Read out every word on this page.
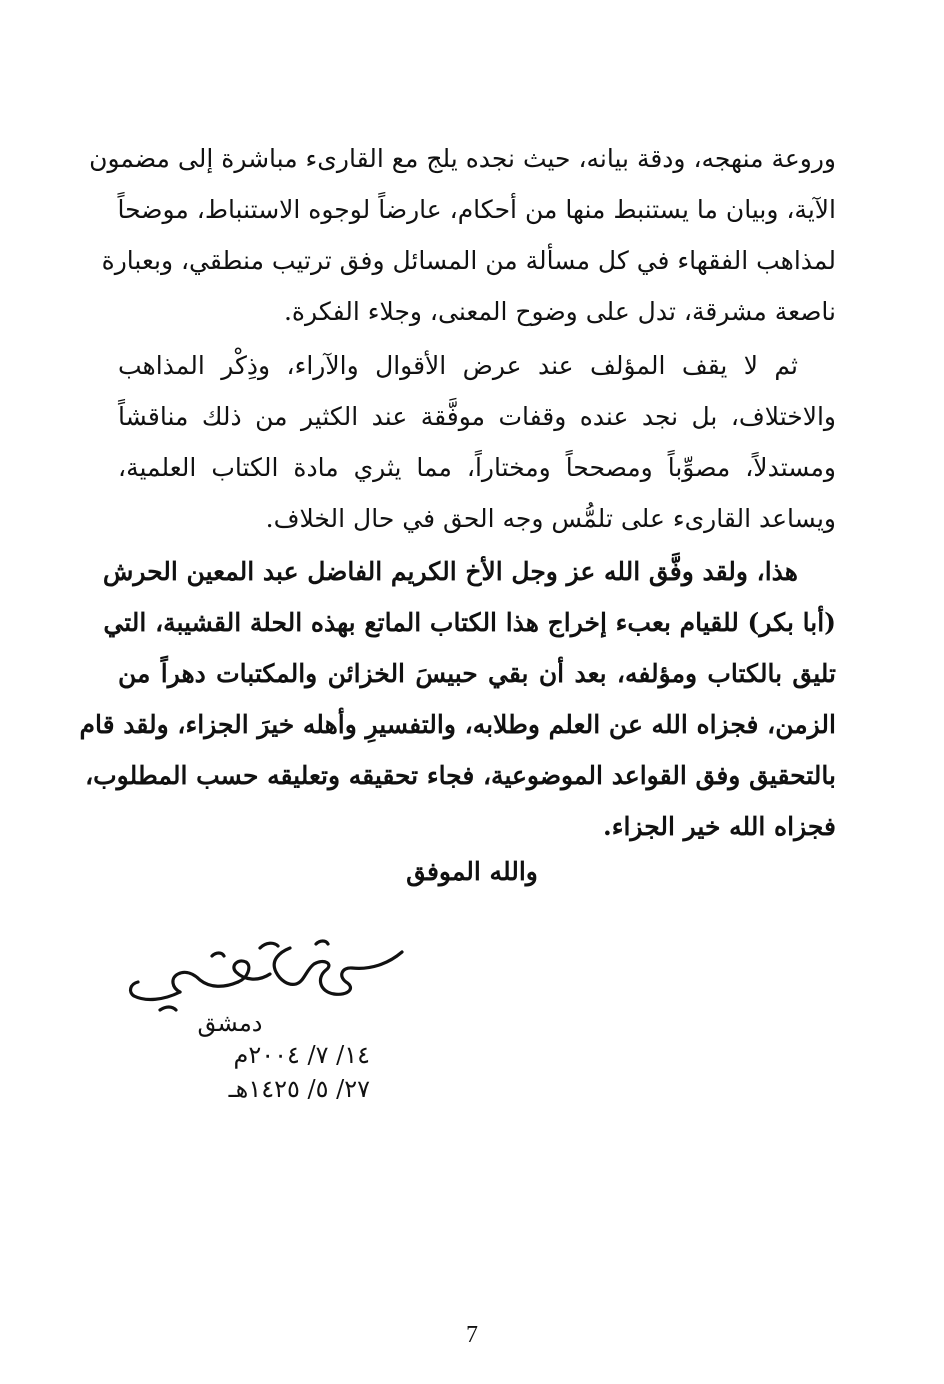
وروعة منهجه، ودقة بيانه، حيث نجده يلج مع القارىء مباشرة إلى مضمون
الآية، وبيان ما يستنبط منها من أحكام، عارضاً لوجوه الاستنباط، موضحاً
لمذاهب الفقهاء في كل مسألة من المسائل وفق ترتيب منطقي، وبعبارة
ناصعة مشرقة، تدل على وضوح المعنى، وجلاء الفكرة.
ثم لا يقف المؤلف عند عرض الأقوال والآراء، وذِكْر المذاهب
والاختلاف، بل نجد عنده وقفات موفَّقة عند الكثير من ذلك مناقشاً
ومستدلاً، مصوِّباً ومصححاً ومختاراً، مما يثري مادة الكتاب العلمية،
ويساعد القارىء على تلمُّس وجه الحق في حال الخلاف.
هذا، ولقد وفَّق الله عز وجل الأخ الكريم الفاضل عبد المعين الحرش
(أبا بكر) للقيام بعبء إخراج هذا الكتاب الماتع بهذه الحلة القشيبة، التي
تليق بالكتاب ومؤلفه، بعد أن بقي حبيسَ الخزائن والمكتبات دهراً من
الزمن، فجزاه الله عن العلم وطلابه، والتفسيرِ وأهله خيرَ الجزاء، ولقد قام
بالتحقيق وفق القواعد الموضوعية، فجاء تحقيقه وتعليقه حسب المطلوب،
فجزاه الله خير الجزاء.
والله الموفق
دمشق
١٤/ ٧/ ٢٠٠٤م
٢٧/ ٥/ ١٤٢٥هـ
7
